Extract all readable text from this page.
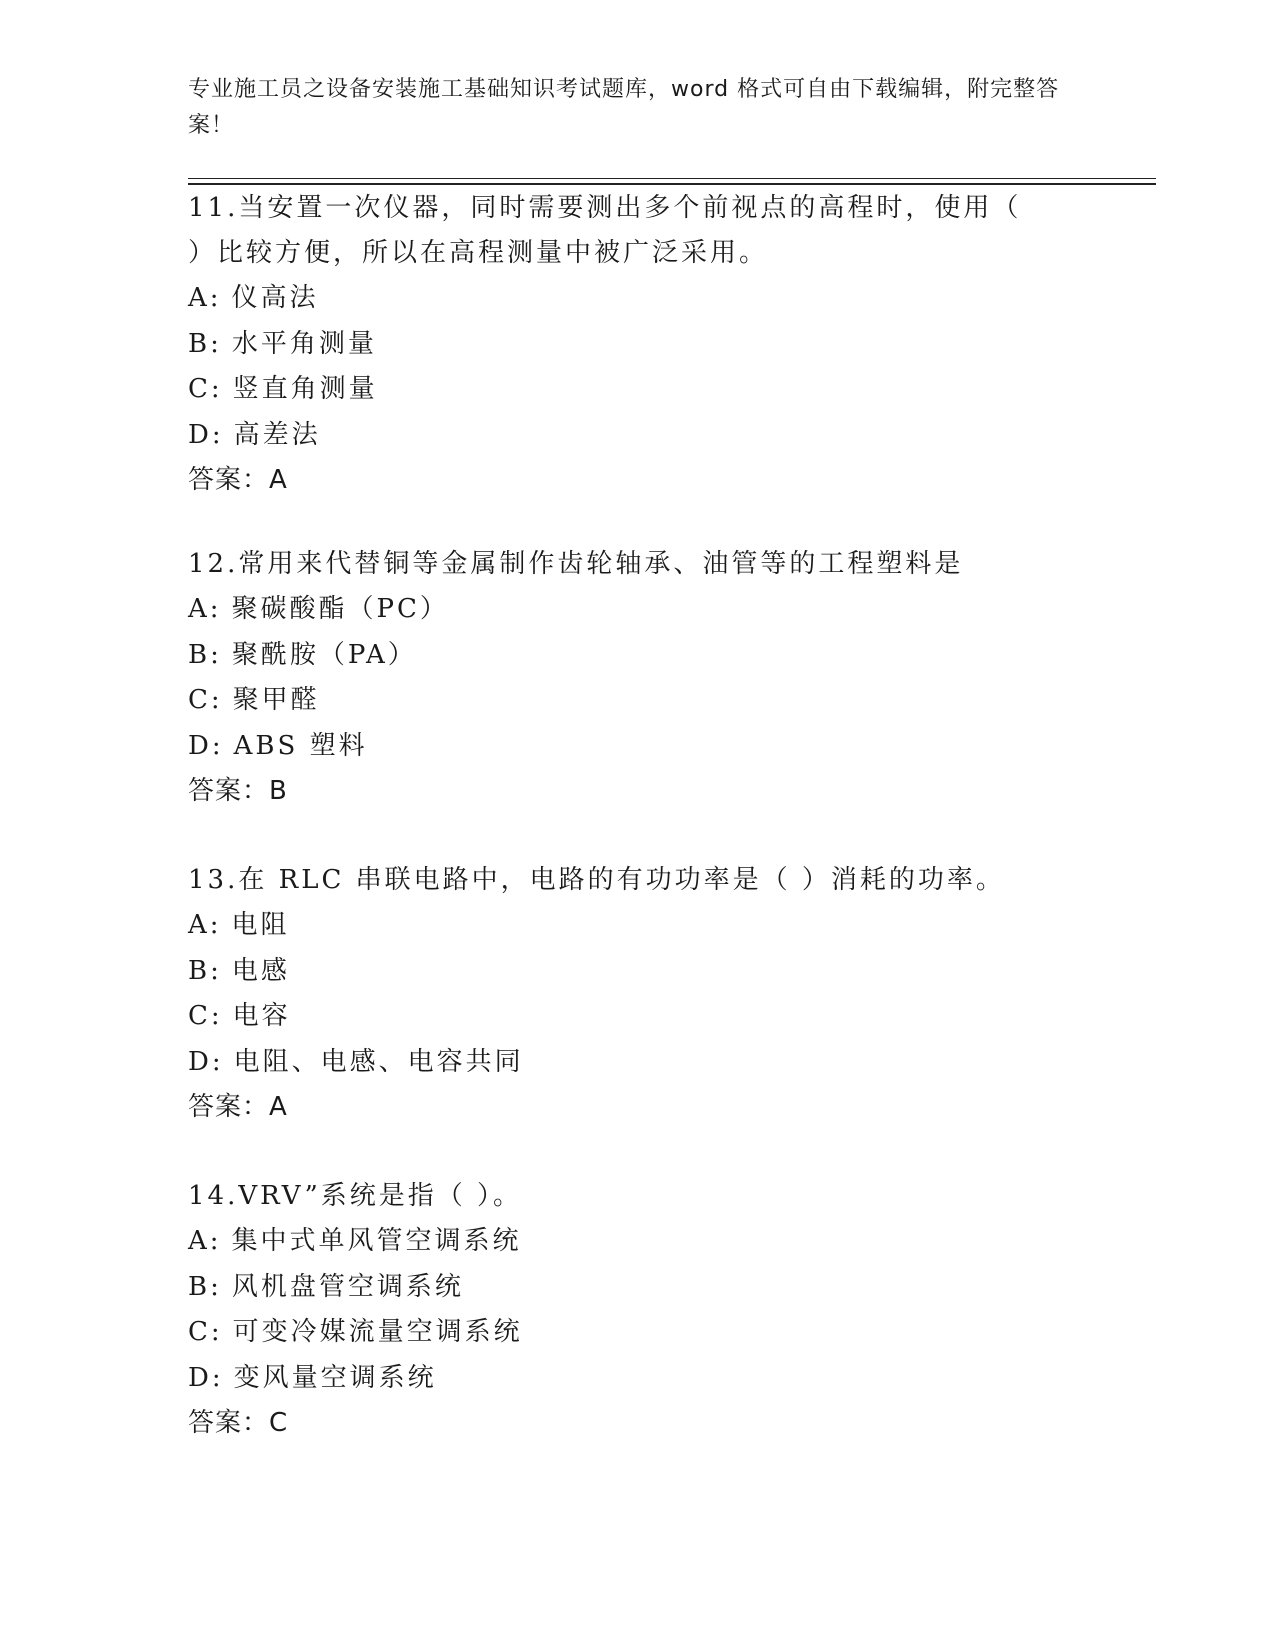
专业施工员之设备安装施工基础知识考试题库，word 格式可自由下载编辑，附完整答案！
11.当安置一次仪器，同时需要测出多个前视点的高程时，使用（ ）比较方便，所以在高程测量中被广泛采用。
A: 仪高法
B: 水平角测量
C: 竖直角测量
D: 高差法
答案：A
12.常用来代替铜等金属制作齿轮轴承、油管等的工程塑料是
A: 聚碳酸酯（PC）
B: 聚酰胺（PA）
C: 聚甲醛
D: ABS 塑料
答案：B
13.在 RLC 串联电路中，电路的有功功率是（ ）消耗的功率。
A: 电阻
B: 电感
C: 电容
D: 电阻、电感、电容共同
答案：A
14.VRV”系统是指（ ）。
A: 集中式单风管空调系统
B: 风机盘管空调系统
C: 可变冷媒流量空调系统
D: 变风量空调系统
答案：C
